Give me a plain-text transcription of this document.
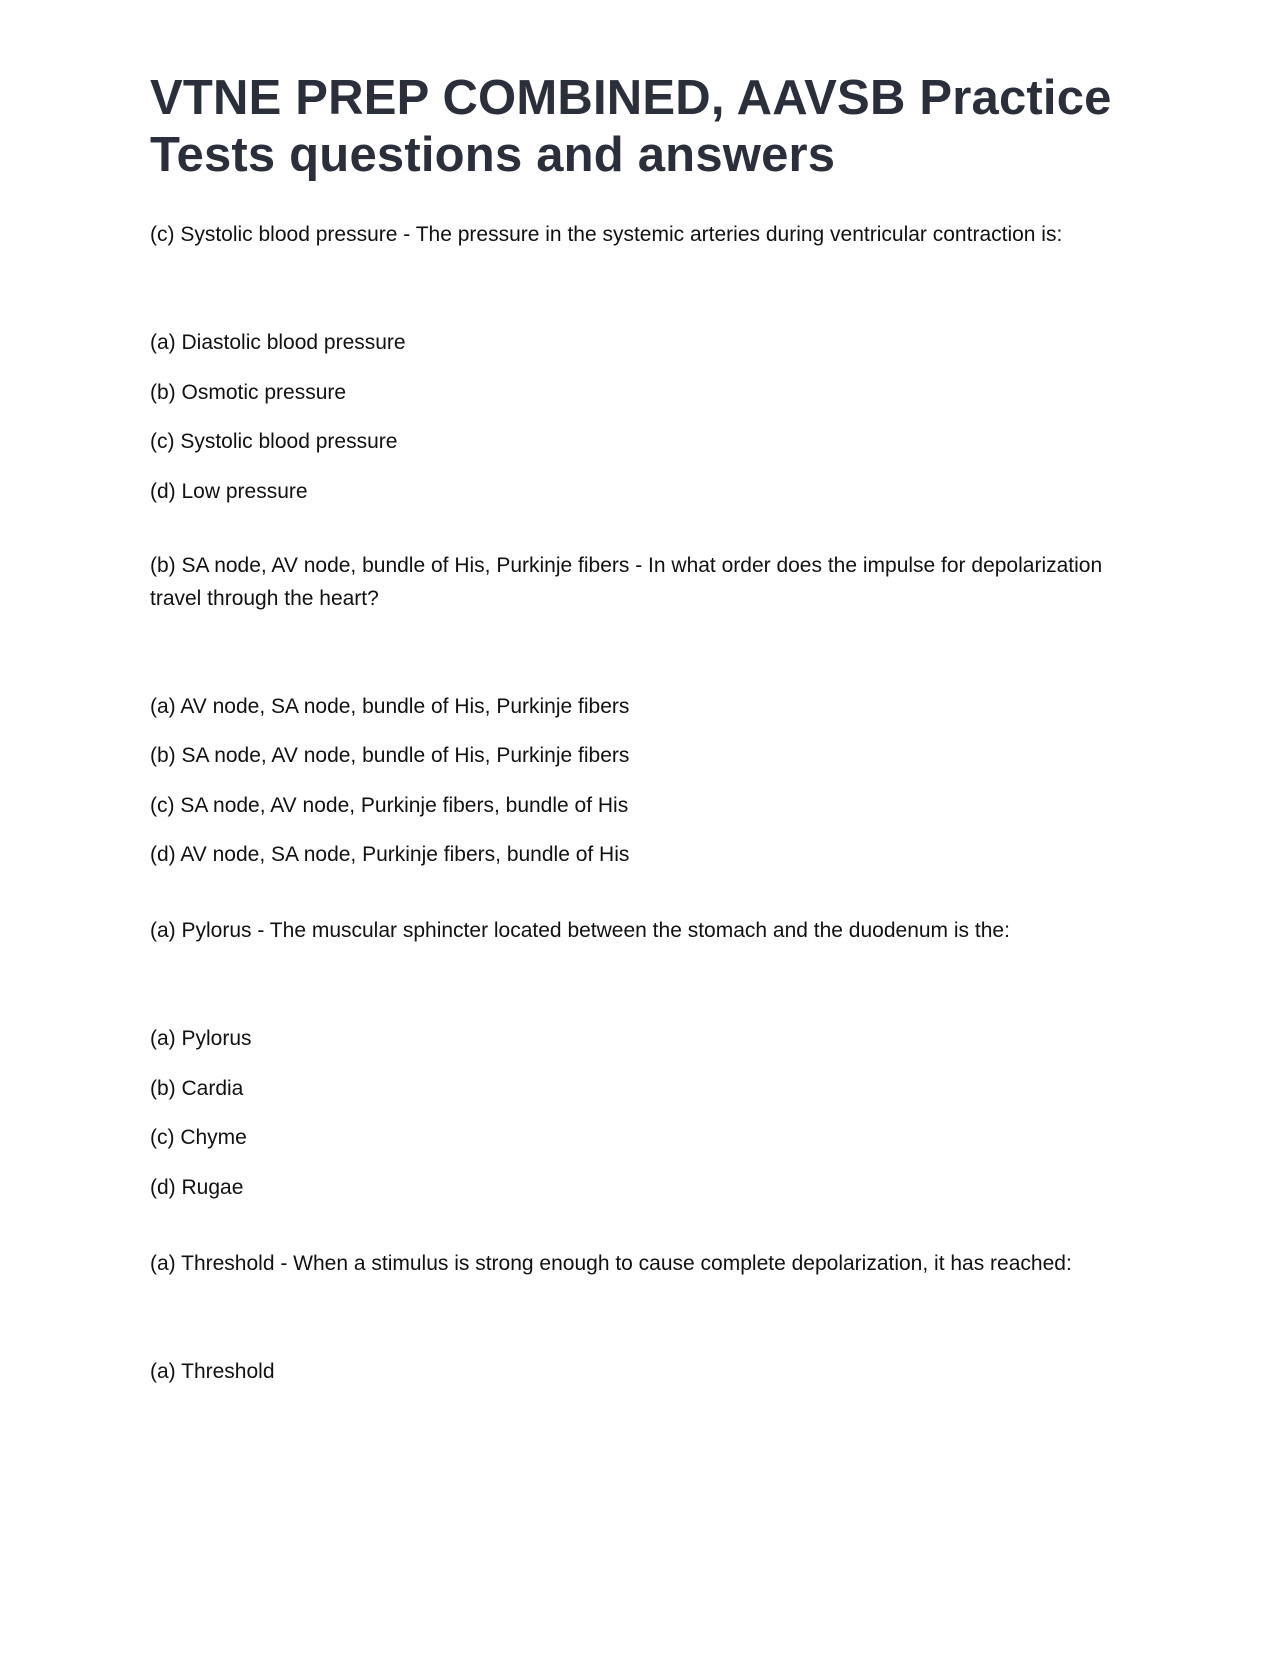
VTNE PREP COMBINED, AAVSB Practice Tests questions and answers

(c) Systolic blood pressure - The pressure in the systemic arteries during ventricular contraction is:

(a) Diastolic blood pressure
(b) Osmotic pressure
(c) Systolic blood pressure
(d) Low pressure

(b) SA node, AV node, bundle of His, Purkinje fibers - In what order does the impulse for depolarization travel through the heart?

(a) AV node, SA node, bundle of His, Purkinje fibers
(b) SA node, AV node, bundle of His, Purkinje fibers
(c) SA node, AV node, Purkinje fibers, bundle of His
(d) AV node, SA node, Purkinje fibers, bundle of His

(a) Pylorus - The muscular sphincter located between the stomach and the duodenum is the:

(a) Pylorus
(b) Cardia
(c) Chyme
(d) Rugae

(a) Threshold - When a stimulus is strong enough to cause complete depolarization, it has reached:

(a) Threshold
